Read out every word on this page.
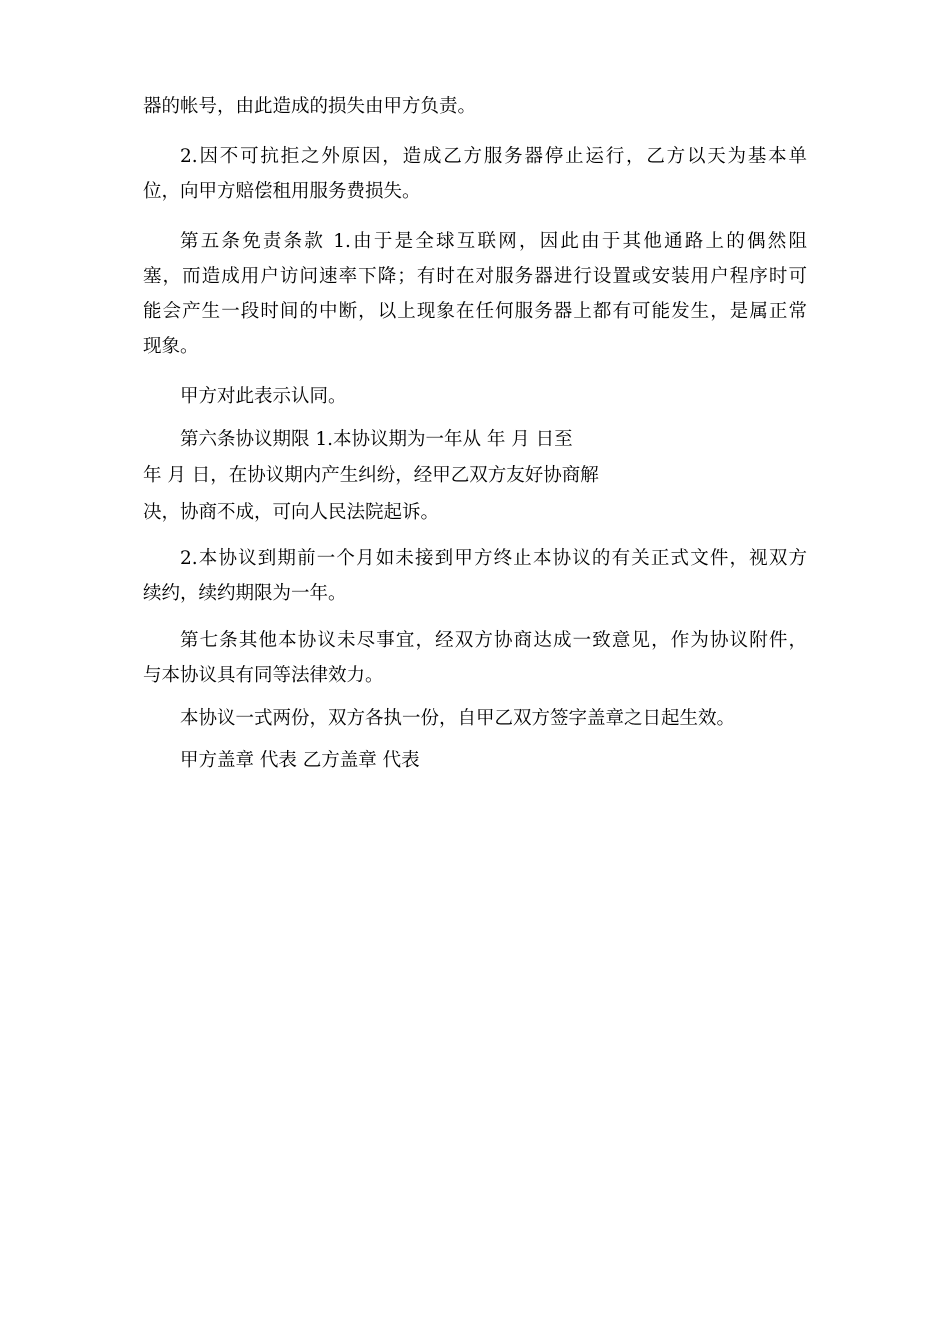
器的帐号，由此造成的损失由甲方负责。
2.因不可抗拒之外原因，造成乙方服务器停止运行，乙方以天为基本单
位，向甲方赔偿租用服务费损失。
第五条免责条款 1.由于是全球互联网，因此由于其他通路上的偶然阻
塞，而造成用户访问速率下降；有时在对服务器进行设置或安装用户程序时可
能会产生一段时间的中断，以上现象在任何服务器上都有可能发生，是属正常
现象。
甲方对此表示认同。
第六条协议期限 1.本协议期为一年从 年 月 日至
年 月 日，在协议期内产生纠纷，经甲乙双方友好协商解
决，协商不成，可向人民法院起诉。
2.本协议到期前一个月如未接到甲方终止本协议的有关正式文件，视双方
续约，续约期限为一年。
第七条其他本协议未尽事宜，经双方协商达成一致意见，作为协议附件，
与本协议具有同等法律效力。
本协议一式两份，双方各执一份，自甲乙双方签字盖章之日起生效。
甲方盖章 代表 乙方盖章 代表
